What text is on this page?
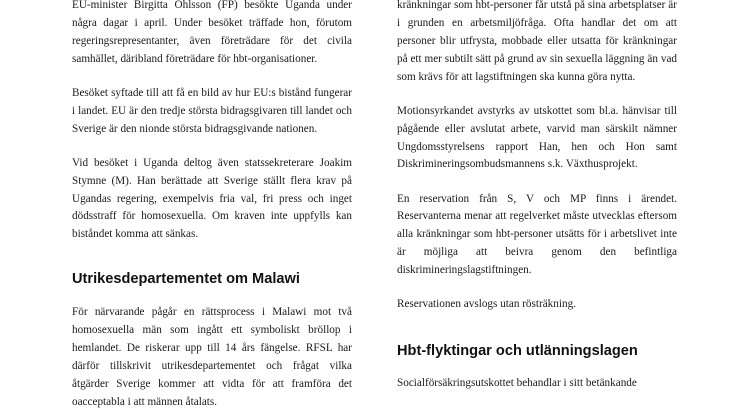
EU-minister Birgitta Ohlsson (FP) besökte Uganda under några dagar i april. Under besöket träffade hon, förutom regeringsrepresentanter, även företrädare för det civila samhället, däribland företrädare för hbt-organisationer.

Besöket syftade till att få en bild av hur EU:s bistånd fungerar i landet. EU är den tredje största bidragsgivaren till landet och Sverige är den nionde största bidragsgivande nationen.

Vid besöket i Uganda deltog även statssekreterare Joakim Stymne (M). Han berättade att Sverige ställt flera krav på Ugandas regering, exempelvis fria val, fri press och inget dödsstraff för homosexuella. Om kraven inte uppfylls kan biståndet komma att sänkas.

Utrikesdepartementet om Malawi

För närvarande pågår en rättsprocess i Malawi mot två homosexuella män som ingått ett symboliskt bröllop i hemlandet. De riskerar upp till 14 års fängelse. RFSL har därför tillskrivit utrikesdepartementet och frågat vilka åtgärder Sverige kommer att vidta för att framföra det oacceptabla i att männen åtalats.

kränkningar som hbt-personer får utstå på sina arbetsplatser är i grunden en arbetsmiljöfråga. Ofta handlar det om att personer blir utfrysta, mobbade eller utsatta för kränkningar på ett mer subtilt sätt på grund av sin sexuella läggning än vad som krävs för att lagstiftningen ska kunna göra nytta.

Motionsyrkandet avstyrks av utskottet som bl.a. hänvisar till pågående eller avslutat arbete, varvid man särskilt nämner Ungdomsstyrelsens rapport Han, hen och Hon samt Diskrimineringsombudsmannens s.k. Växthusprojekt.

En reservation från S, V och MP finns i ärendet. Reservanterna menar att regelverket måste utvecklas eftersom alla kränkningar som hbt-personer utsätts för i arbetslivet inte är möjliga att beivra genom den befintliga diskrimineringslagstiftningen.

Reservationen avslogs utan rösträkning.

Hbt-flyktingar och utlänningslagen

Socialförsäkringsutskottet behandlar i sitt betänkande
